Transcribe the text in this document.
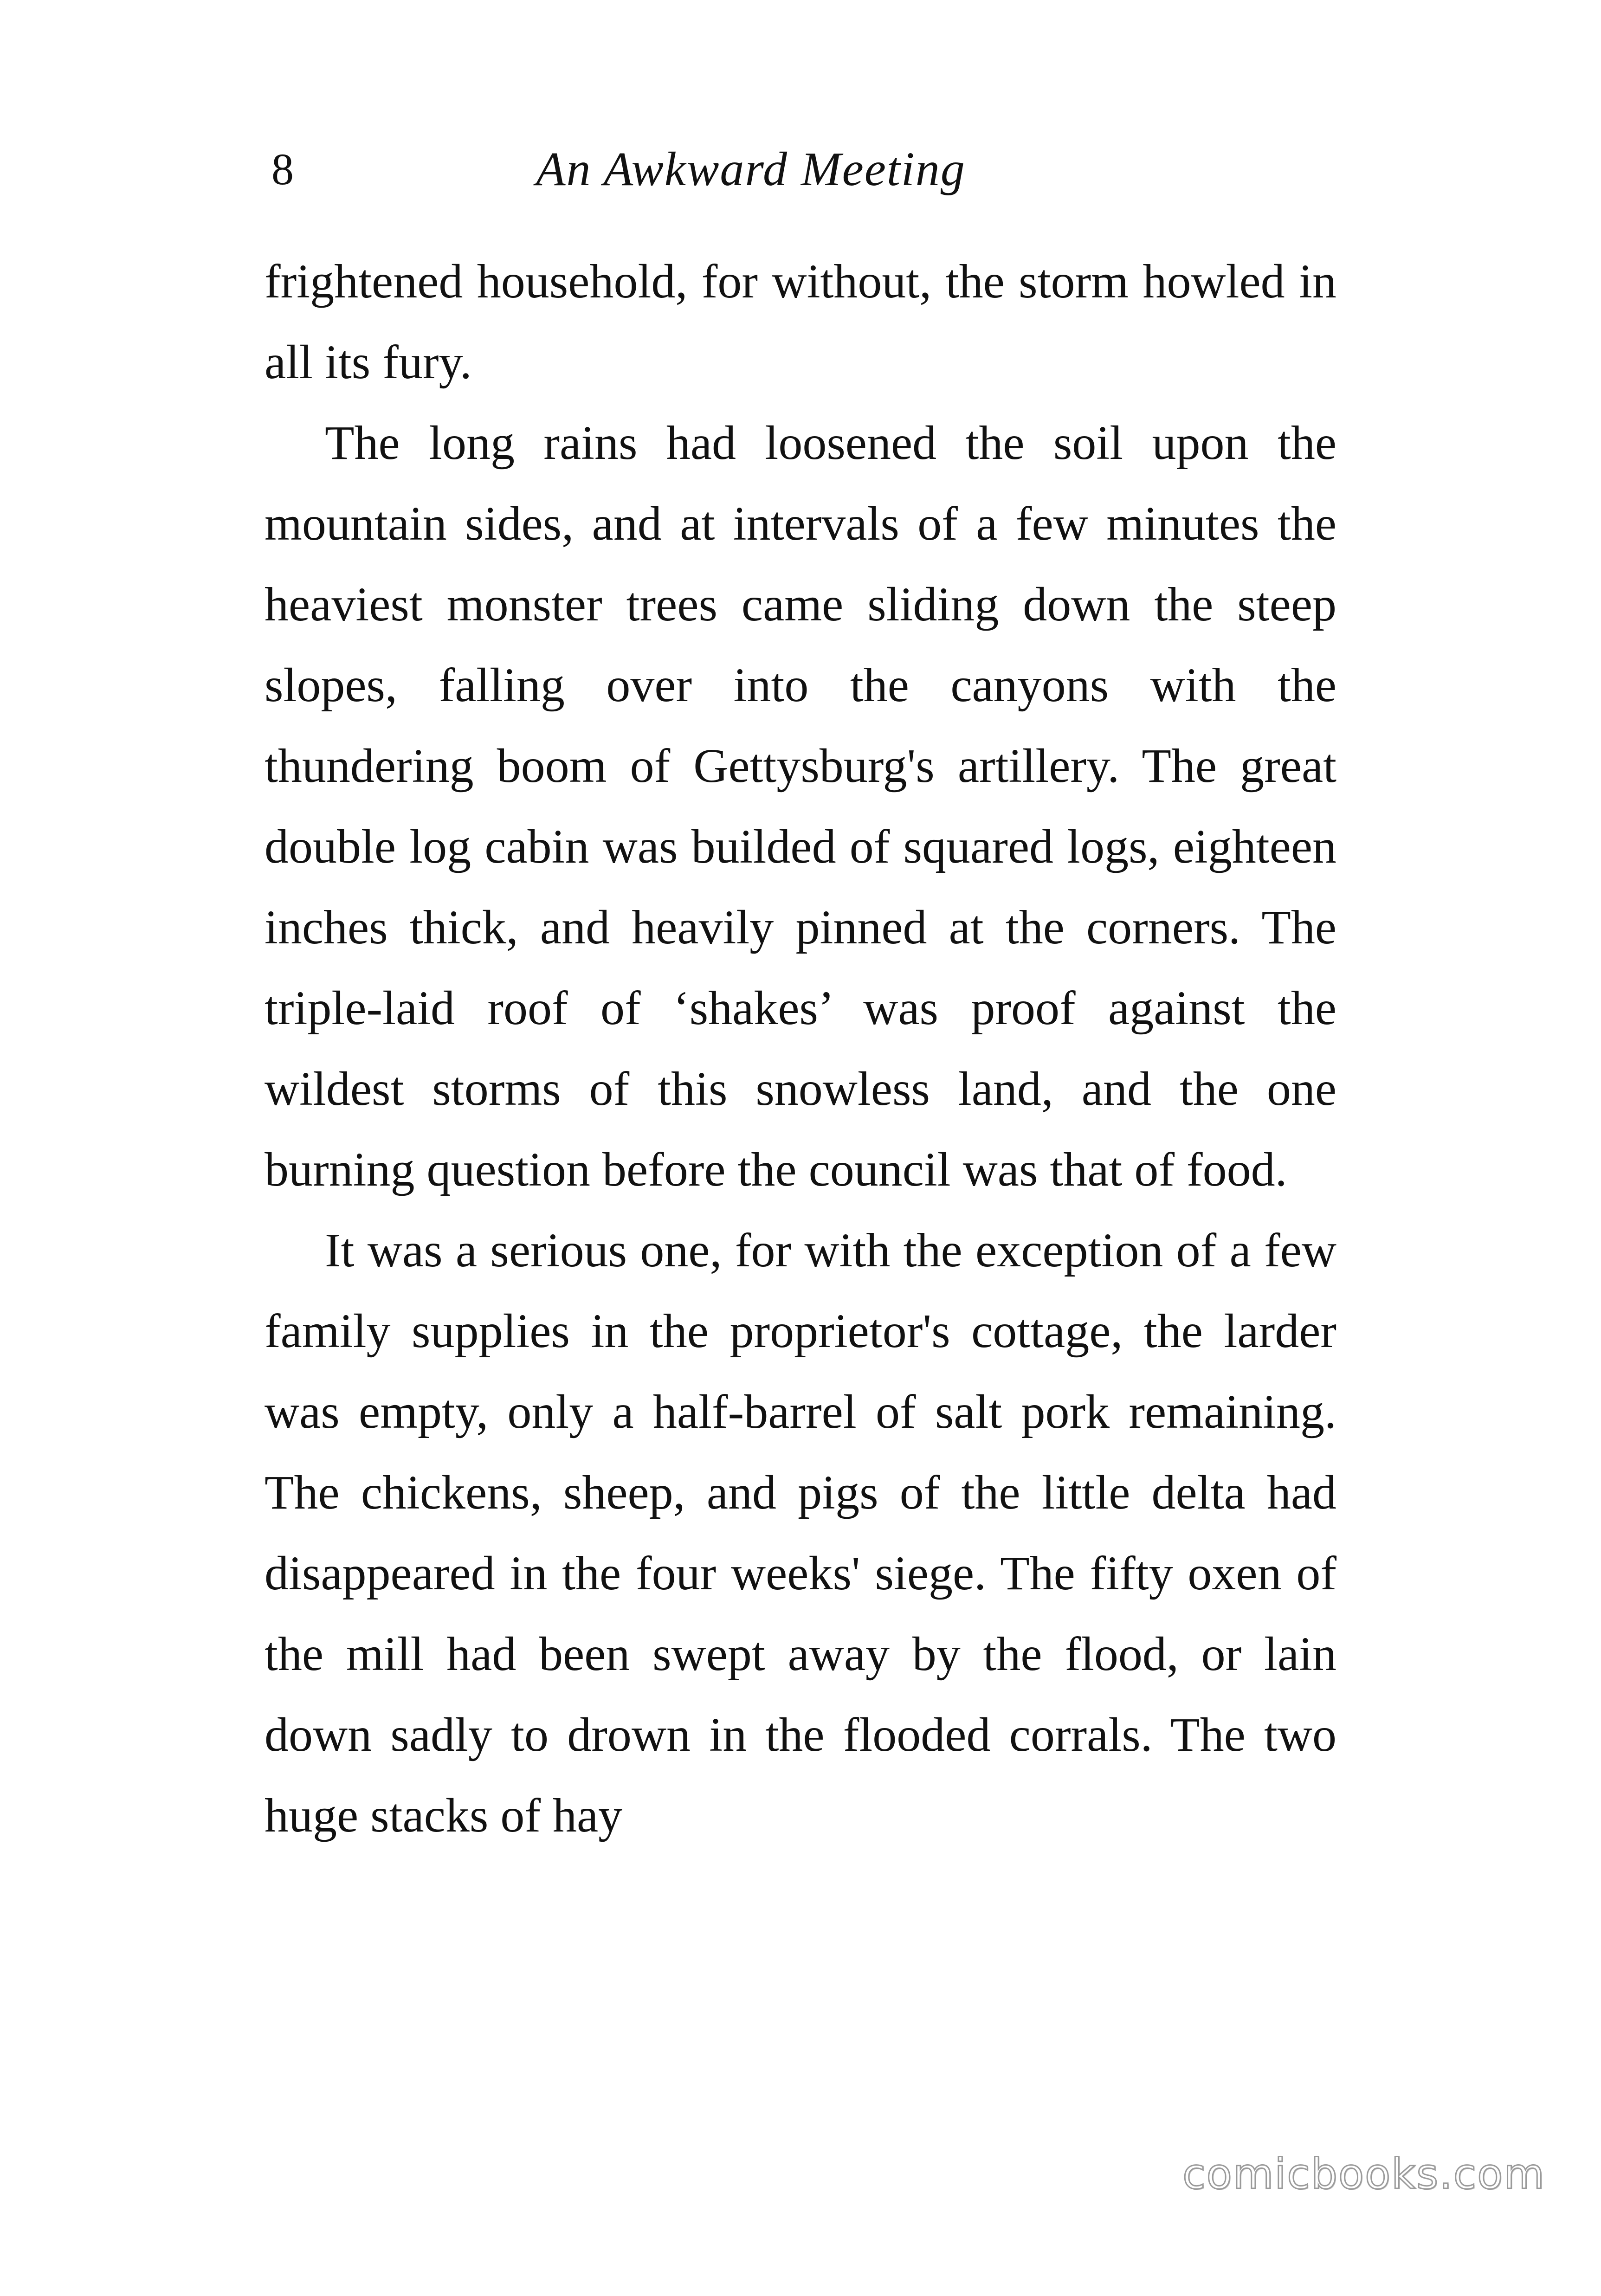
8	An Awkward Meeting

frightened household, for without, the storm howled in all its fury.

The long rains had loosened the soil upon the mountain sides, and at intervals of a few minutes the heaviest monster trees came sliding down the steep slopes, falling over into the canyons with the thundering boom of Gettysburg's artillery. The great double log cabin was builded of squared logs, eighteen inches thick, and heavily pinned at the corners. The triple-laid roof of ‘shakes’ was proof against the wildest storms of this snowless land, and the one burning question before the council was that of food.

It was a serious one, for with the exception of a few family supplies in the proprietor's cottage, the larder was empty, only a half-barrel of salt pork remaining. The chickens, sheep, and pigs of the little delta had disappeared in the four weeks' siege. The fifty oxen of the mill had been swept away by the flood, or lain down sadly to drown in the flooded corrals. The two huge stacks of hay

comicbooks.com
